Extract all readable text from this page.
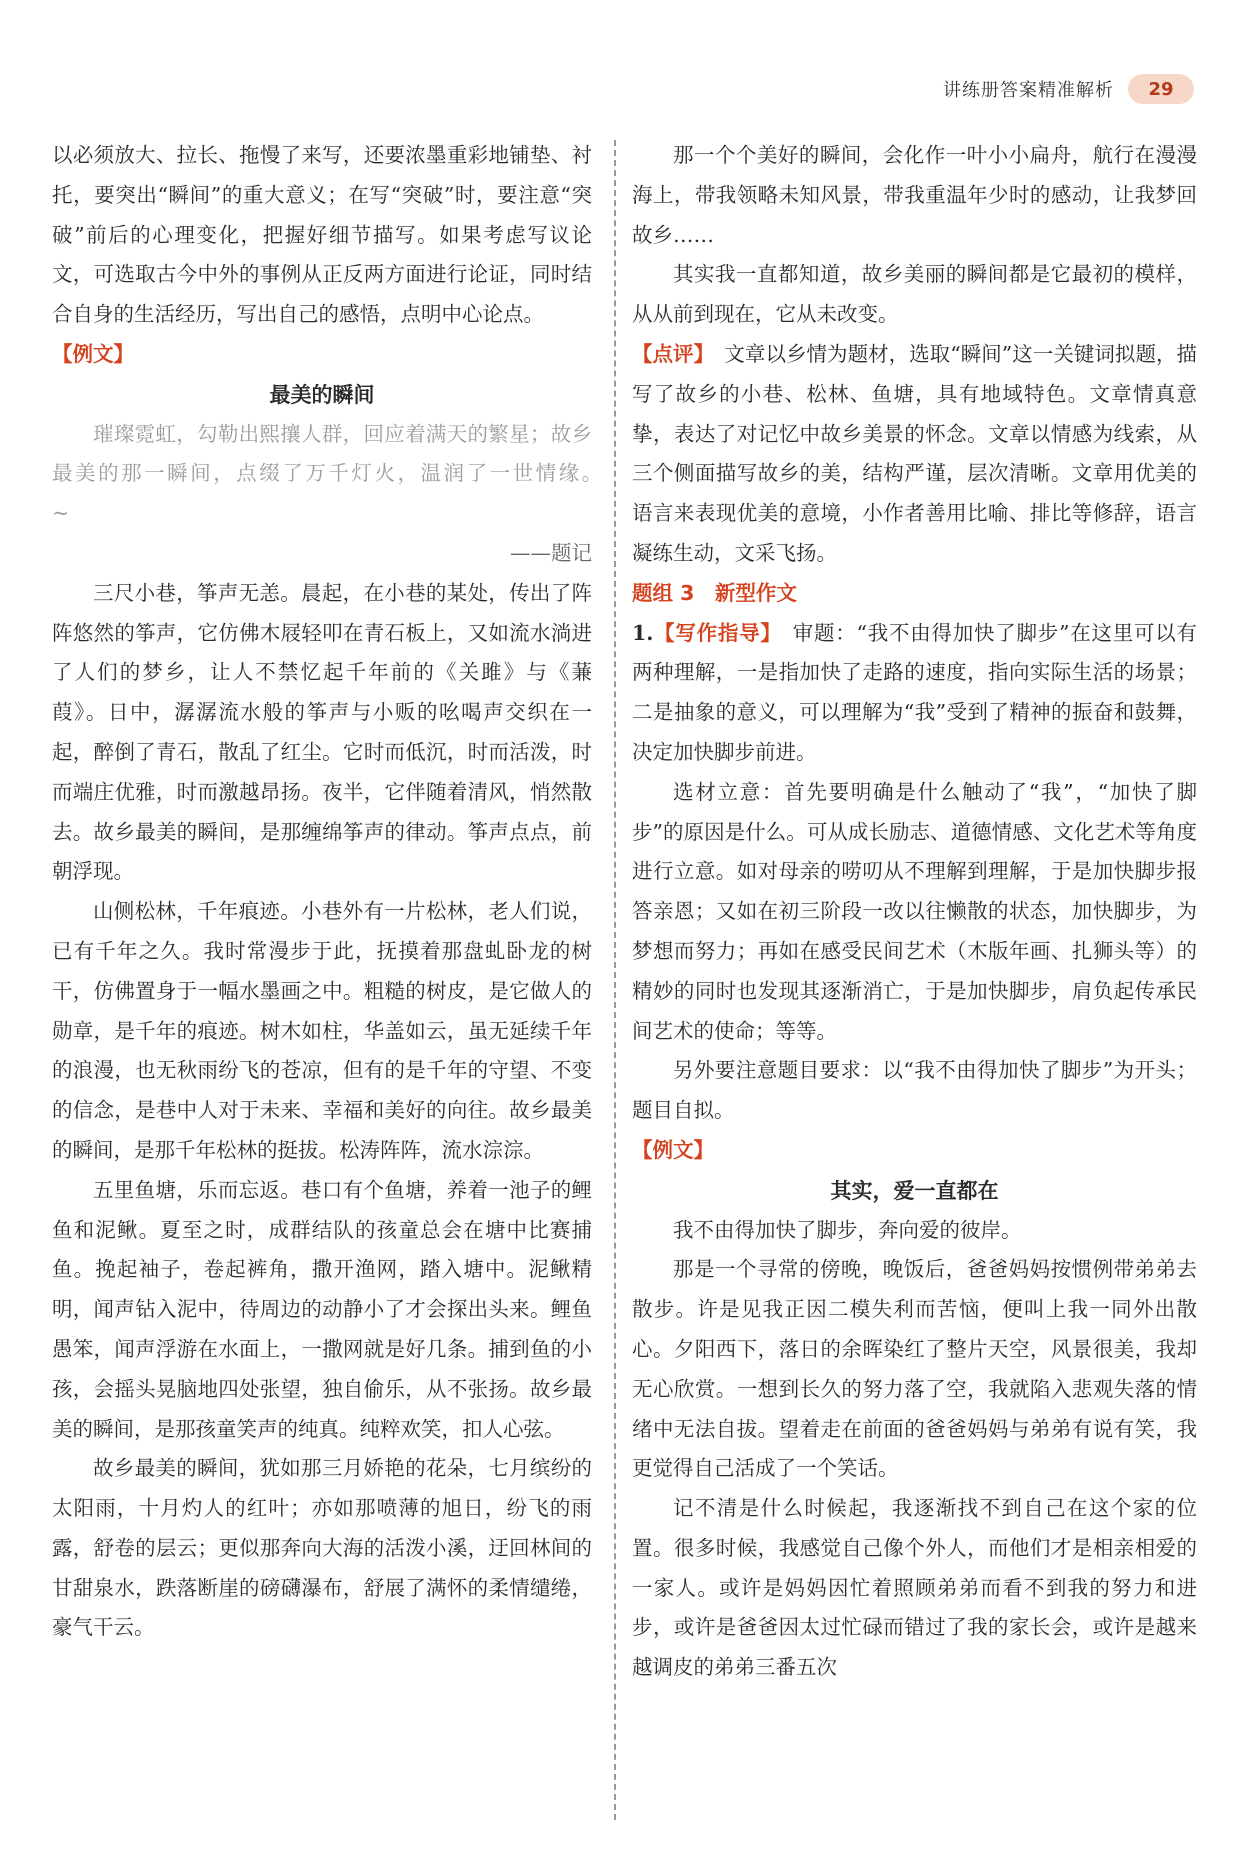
讲练册答案精准解析	29

以必须放大、拉长、拖慢了来写，还要浓墨重彩地铺垫、衬托，要突出“瞬间”的重大意义；在写“突破”时，要注意“突破”前后的心理变化，把握好细节描写。如果考虑写议论文，可选取古今中外的事例从正反两方面进行论证，同时结合自身的生活经历，写出自己的感悟，点明中心论点。

【例文】

最美的瞬间

璀璨霓虹，勾勒出熙攘人群，回应着满天的繁星；故乡最美的那一瞬间，点缀了万千灯火，温润了一世情缘。　　　　~

——题记

三尺小巷，筝声无恙。晨起，在小巷的某处，传出了阵阵悠然的筝声，它仿佛木屐轻叩在青石板上，又如流水淌进了人们的梦乡，让人不禁忆起千年前的《关雎》与《蒹葭》。日中，潺潺流水般的筝声与小贩的吆喝声交织在一起，醉倒了青石，散乱了红尘。它时而低沉，时而活泼，时而端庄优雅，时而激越昂扬。夜半，它伴随着清风，悄然散去。故乡最美的瞬间，是那缠绵筝声的律动。筝声点点，前朝浮现。

山侧松林，千年痕迹。小巷外有一片松林，老人们说，已有千年之久。我时常漫步于此，抚摸着那盘虬卧龙的树干，仿佛置身于一幅水墨画之中。粗糙的树皮，是它做人的勋章，是千年的痕迹。树木如柱，华盖如云，虽无延续千年的浪漫，也无秋雨纷飞的苍凉，但有的是千年的守望、不变的信念，是巷中人对于未来、幸福和美好的向往。故乡最美的瞬间，是那千年松林的挺拔。松涛阵阵，流水淙淙。

五里鱼塘，乐而忘返。巷口有个鱼塘，养着一池子的鲤鱼和泥鳅。夏至之时，成群结队的孩童总会在塘中比赛捕鱼。挽起袖子，卷起裤角，撒开渔网，踏入塘中。泥鳅精明，闻声钻入泥中，待周边的动静小了才会探出头来。鲤鱼愚笨，闻声浮游在水面上，一撒网就是好几条。捕到鱼的小孩，会摇头晃脑地四处张望，独自偷乐，从不张扬。故乡最美的瞬间，是那孩童笑声的纯真。纯粹欢笑，扣人心弦。

故乡最美的瞬间，犹如那三月娇艳的花朵，七月缤纷的太阳雨，十月灼人的红叶；亦如那喷薄的旭日，纷飞的雨露，舒卷的层云；更似那奔向大海的活泼小溪，迂回林间的甘甜泉水，跌落断崖的磅礴瀑布，舒展了满怀的柔情缱绻，豪气干云。

那一个个美好的瞬间，会化作一叶小小扁舟，航行在漫漫海上，带我领略未知风景，带我重温年少时的感动，让我梦回故乡……

其实我一直都知道，故乡美丽的瞬间都是它最初的模样，从从前到现在，它从未改变。

【点评】　 文章以乡情为题材，选取“瞬间”这一关键词拟题，描写了故乡的小巷、松林、鱼塘，具有地域特色。文章情真意挚，表达了对记忆中故乡美景的怀念。文章以情感为线索，从三个侧面描写故乡的美，结构严谨，层次清晰。文章用优美的语言来表现优美的意境，小作者善用比喻、排比等修辞，语言凝练生动，文采飞扬。

题组 3　新型作文

1.【写作指导】　 审题：“我不由得加快了脚步”在这里可以有两种理解，一是指加快了走路的速度，指向实际生活的场景；二是抽象的意义，可以理解为“我”受到了精神的振奋和鼓舞，决定加快脚步前进。

选材立意：首先要明确是什么触动了“我”，“加快了脚步”的原因是什么。可从成长励志、道德情感、文化艺术等角度进行立意。如对母亲的唠叨从不理解到理解，于是加快脚步报答亲恩；又如在初三阶段一改以往懒散的状态，加快脚步，为梦想而努力；再如在感受民间艺术（木版年画、扎狮头等）的精妙的同时也发现其逐渐消亡，于是加快脚步，肩负起传承民间艺术的使命；等等。

另外要注意题目要求：以“我不由得加快了脚步”为开头；题目自拟。

【例文】

其实，爱一直都在

我不由得加快了脚步，奔向爱的彼岸。

那是一个寻常的傍晚，晚饭后，爸爸妈妈按惯例带弟弟去散步。许是见我正因二模失利而苦恼，便叫上我一同外出散心。夕阳西下，落日的余晖染红了整片天空，风景很美，我却无心欣赏。一想到长久的努力落了空，我就陷入悲观失落的情绪中无法自拔。望着走在前面的爸爸妈妈与弟弟有说有笑，我更觉得自己活成了一个笑话。

记不清是什么时候起，我逐渐找不到自己在这个家的位置。很多时候，我感觉自己像个外人，而他们才是相亲相爱的一家人。或许是妈妈因忙着照顾弟弟而看不到我的努力和进步，或许是爸爸因太过忙碌而错过了我的家长会，或许是越来越调皮的弟弟三番五次
